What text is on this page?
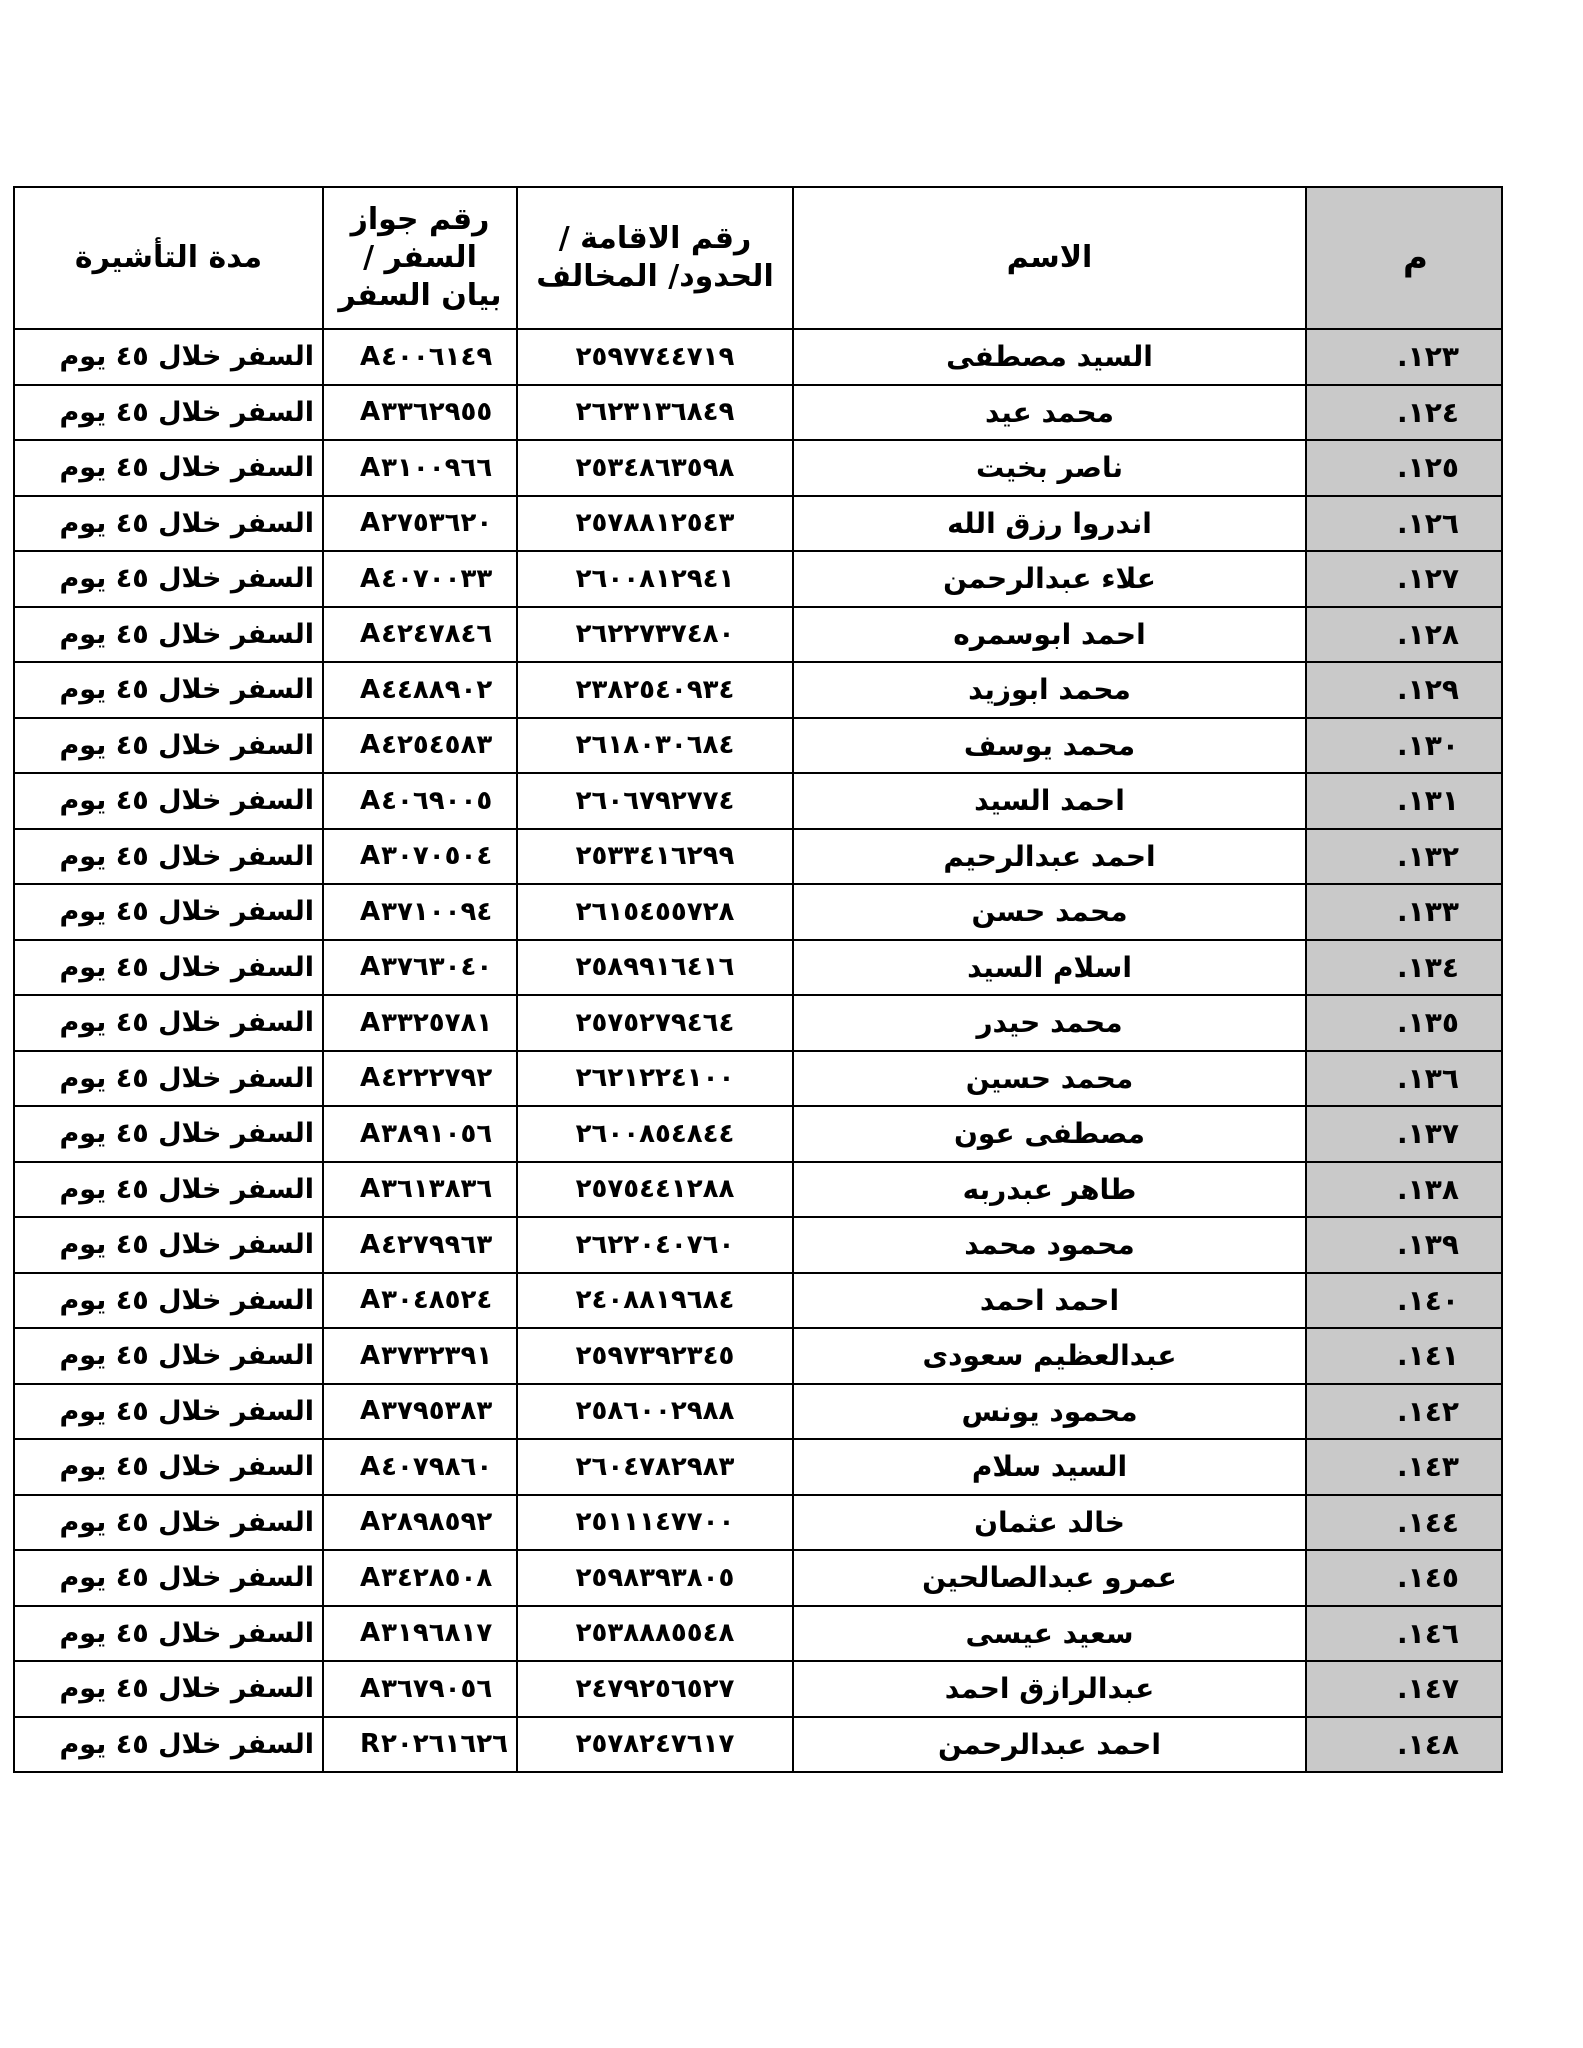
م	الاسم	رقم الاقامة / الحدود/ المخالف	رقم جواز السفر / بيان السفر	مدة التأشيرة
١٢٣.	السيد مصطفى	٢٥٩٧٧٤٤٧١٩	A٤٠٠٦١٤٩	السفر خلال ٤٥ يوم
١٢٤.	محمد عيد	٢٦٢٣١٣٦٨٤٩	A٣٣٦٢٩٥٥	السفر خلال ٤٥ يوم
١٢٥.	ناصر بخيت	٢٥٣٤٨٦٣٥٩٨	A٣١٠٠٩٦٦	السفر خلال ٤٥ يوم
١٢٦.	اندروا رزق الله	٢٥٧٨٨١٢٥٤٣	A٢٧٥٣٦٢٠	السفر خلال ٤٥ يوم
١٢٧.	علاء عبدالرحمن	٢٦٠٠٨١٢٩٤١	A٤٠٧٠٠٣٣	السفر خلال ٤٥ يوم
١٢٨.	احمد ابوسمره	٢٦٢٢٧٣٧٤٨٠	A٤٢٤٧٨٤٦	السفر خلال ٤٥ يوم
١٢٩.	محمد ابوزيد	٢٣٨٢٥٤٠٩٣٤	A٤٤٨٨٩٠٢	السفر خلال ٤٥ يوم
١٣٠.	محمد يوسف	٢٦١٨٠٣٠٦٨٤	A٤٢٥٤٥٨٣	السفر خلال ٤٥ يوم
١٣١.	احمد السيد	٢٦٠٦٧٩٢٧٧٤	A٤٠٦٩٠٠٥	السفر خلال ٤٥ يوم
١٣٢.	احمد عبدالرحيم	٢٥٣٣٤١٦٢٩٩	A٣٠٧٠٥٠٤	السفر خلال ٤٥ يوم
١٣٣.	محمد حسن	٢٦١٥٤٥٥٧٢٨	A٣٧١٠٠٩٤	السفر خلال ٤٥ يوم
١٣٤.	اسلام السيد	٢٥٨٩٩١٦٤١٦	A٣٧٦٣٠٤٠	السفر خلال ٤٥ يوم
١٣٥.	محمد حيدر	٢٥٧٥٢٧٩٤٦٤	A٣٣٢٥٧٨١	السفر خلال ٤٥ يوم
١٣٦.	محمد حسين	٢٦٢١٢٢٤١٠٠	A٤٢٢٢٧٩٢	السفر خلال ٤٥ يوم
١٣٧.	مصطفى عون	٢٦٠٠٨٥٤٨٤٤	A٣٨٩١٠٥٦	السفر خلال ٤٥ يوم
١٣٨.	طاهر عبدربه	٢٥٧٥٤٤١٢٨٨	A٣٦١٣٨٣٦	السفر خلال ٤٥ يوم
١٣٩.	محمود محمد	٢٦٢٢٠٤٠٧٦٠	A٤٢٧٩٩٦٣	السفر خلال ٤٥ يوم
١٤٠.	احمد احمد	٢٤٠٨٨١٩٦٨٤	A٣٠٤٨٥٢٤	السفر خلال ٤٥ يوم
١٤١.	عبدالعظيم سعودى	٢٥٩٧٣٩٢٣٤٥	A٣٧٣٢٣٩١	السفر خلال ٤٥ يوم
١٤٢.	محمود يونس	٢٥٨٦٠٠٢٩٨٨	A٣٧٩٥٣٨٣	السفر خلال ٤٥ يوم
١٤٣.	السيد سلام	٢٦٠٤٧٨٢٩٨٣	A٤٠٧٩٨٦٠	السفر خلال ٤٥ يوم
١٤٤.	خالد عثمان	٢٥١١١٤٧٧٠٠	A٢٨٩٨٥٩٢	السفر خلال ٤٥ يوم
١٤٥.	عمرو عبدالصالحين	٢٥٩٨٣٩٣٨٠٥	A٣٤٢٨٥٠٨	السفر خلال ٤٥ يوم
١٤٦.	سعيد عيسى	٢٥٣٨٨٨٥٥٤٨	A٣١٩٦٨١٧	السفر خلال ٤٥ يوم
١٤٧.	عبدالرازق احمد	٢٤٧٩٢٥٦٥٢٧	A٣٦٧٩٠٥٦	السفر خلال ٤٥ يوم
١٤٨.	احمد عبدالرحمن	٢٥٧٨٢٤٧٦١٧	R٢٠٢٦١٦٢٦	السفر خلال ٤٥ يوم
